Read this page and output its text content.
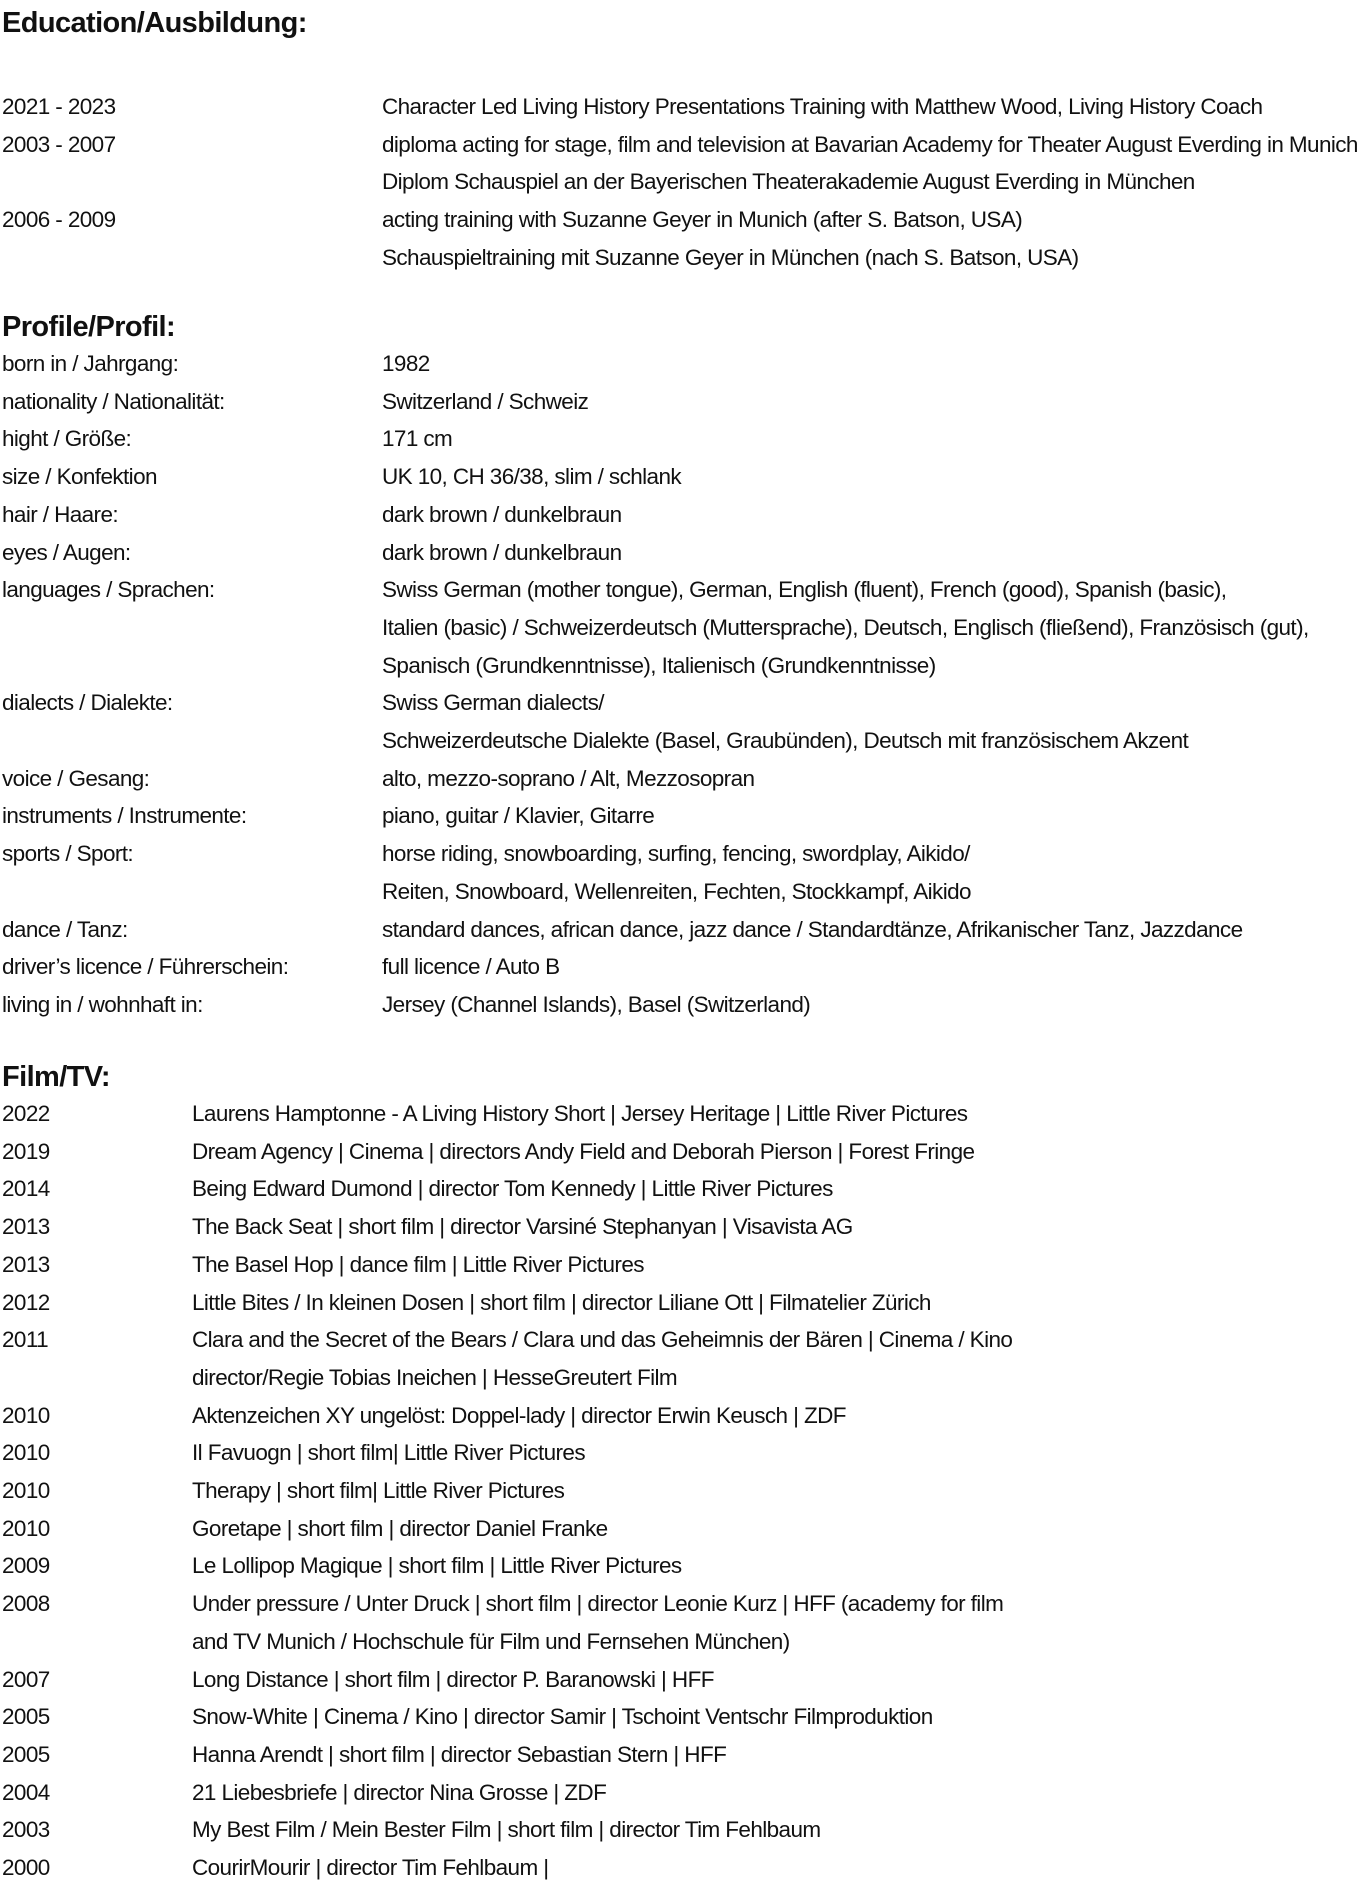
Education/Ausbildung:
2021 - 2023	Character Led Living History Presentations Training with Matthew Wood, Living History Coach
2003 - 2007	diploma acting for stage, film and television at Bavarian Academy for Theater August Everding in Munich
Diplom Schauspiel an der Bayerischen Theaterakademie August Everding in München
2006 - 2009	acting training with Suzanne Geyer in Munich (after S. Batson, USA)
Schauspieltraining mit Suzanne Geyer in München (nach S. Batson, USA)
Profile/Profil:
born in / Jahrgang:	1982
nationality / Nationalität:	Switzerland / Schweiz
hight / Größe:	171 cm
size / Konfektion	UK 10, CH 36/38, slim / schlank
hair / Haare:	dark brown / dunkelbraun
eyes / Augen:	dark brown / dunkelbraun
languages / Sprachen:	Swiss German (mother tongue), German, English (fluent), French (good), Spanish (basic),
Italien (basic) / Schweizerdeutsch (Muttersprache), Deutsch, Englisch (fließend), Französisch (gut),
Spanisch (Grundkenntnisse), Italienisch (Grundkenntnisse)
dialects / Dialekte:	Swiss German dialects/
Schweizerdeutsche Dialekte (Basel, Graubünden), Deutsch mit französischem Akzent
voice / Gesang:	alto, mezzo-soprano / Alt, Mezzosopran
instruments / Instrumente:	piano, guitar / Klavier, Gitarre
sports / Sport:	horse riding, snowboarding, surfing, fencing, swordplay, Aikido/
Reiten, Snowboard, Wellenreiten, Fechten, Stockkampf, Aikido
dance / Tanz:	standard dances, african dance, jazz dance / Standardtänze, Afrikanischer Tanz, Jazzdance
driver’s licence / Führerschein:	full licence / Auto B
living in / wohnhaft in:	Jersey (Channel Islands), Basel (Switzerland)
Film/TV:
2022	Laurens Hamptonne - A Living History Short | Jersey Heritage | Little River Pictures
2019	Dream Agency | Cinema | directors Andy Field and Deborah Pierson | Forest Fringe
2014	Being Edward Dumond | director Tom Kennedy | Little River Pictures
2013	The Back Seat | short film | director Varsiné Stephanyan | Visavista AG
2013	The Basel Hop | dance film | Little River Pictures
2012	Little Bites / In kleinen Dosen | short film | director Liliane Ott | Filmatelier Zürich
2011	Clara and the Secret of the Bears / Clara und das Geheimnis der Bären | Cinema / Kino
director/Regie Tobias Ineichen | HesseGreutert Film
2010	Aktenzeichen XY ungelöst: Doppel-lady | director Erwin Keusch | ZDF
2010	Il Favuogn | short film| Little River Pictures
2010	Therapy | short film| Little River Pictures
2010	Goretape | short film | director Daniel Franke
2009	Le Lollipop Magique | short film | Little River Pictures
2008	Under pressure / Unter Druck | short film | director Leonie Kurz | HFF (academy for film
and TV Munich / Hochschule für Film und Fernsehen München)
2007	Long Distance | short film | director P. Baranowski | HFF
2005	Snow-White | Cinema / Kino | director Samir | Tschoint Ventschr Filmproduktion
2005	Hanna Arendt | short film | director Sebastian Stern | HFF
2004	21 Liebesbriefe | director Nina Grosse | ZDF
2003	My Best Film / Mein Bester Film | short film | director Tim Fehlbaum
2000	CourirMourir | director Tim Fehlbaum |
